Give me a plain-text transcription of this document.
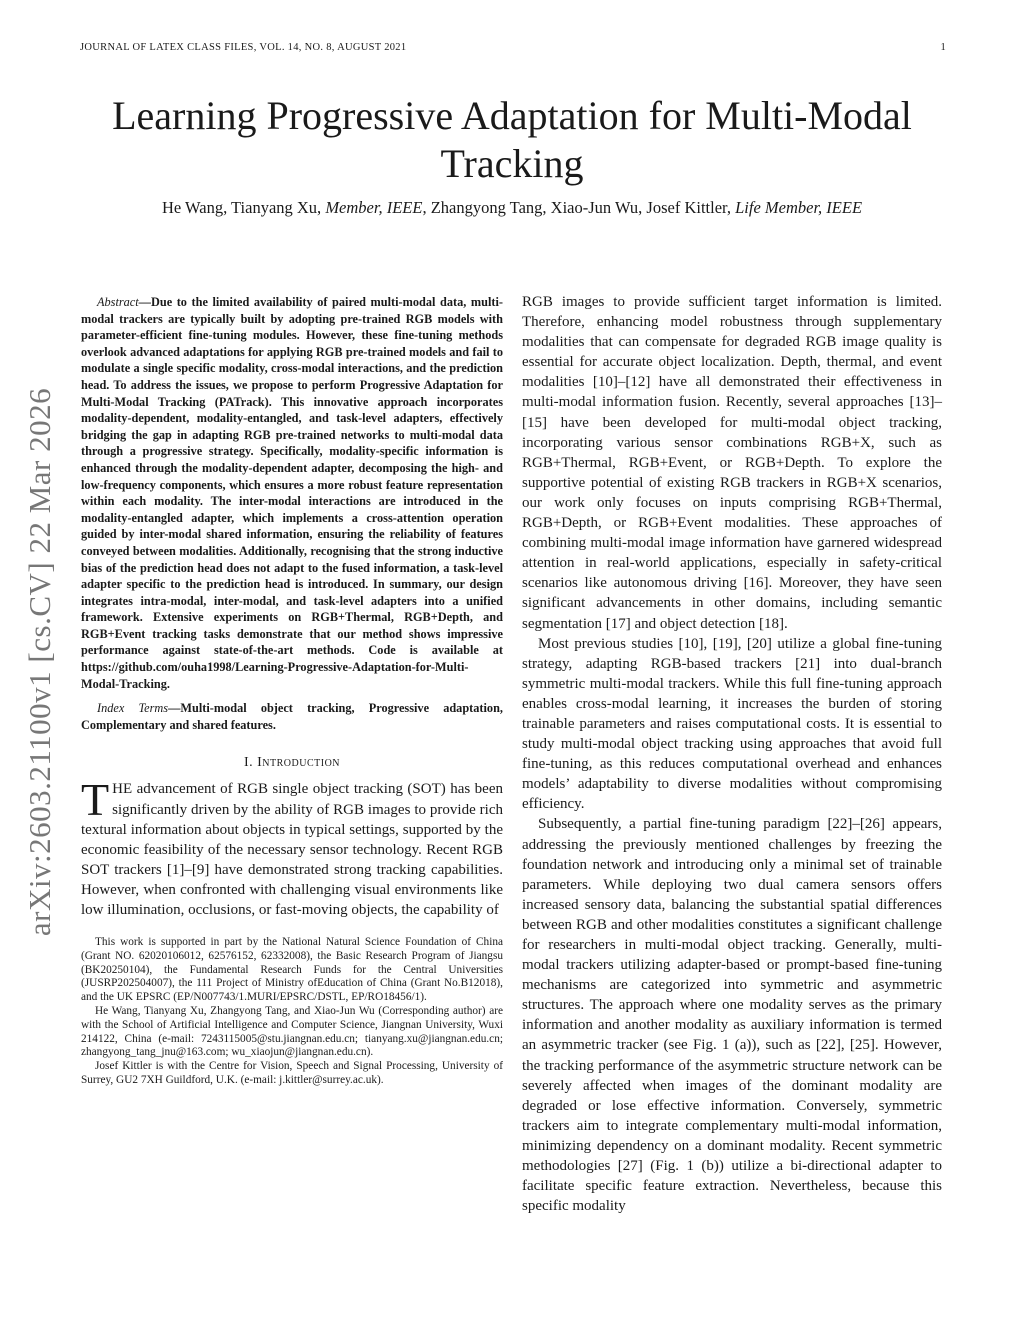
JOURNAL OF LATEX CLASS FILES, VOL. 14, NO. 8, AUGUST 2021	1
Learning Progressive Adaptation for Multi-Modal Tracking
He Wang, Tianyang Xu, Member, IEEE, Zhangyong Tang, Xiao-Jun Wu, Josef Kittler, Life Member, IEEE
arXiv:2603.21100v1 [cs.CV] 22 Mar 2026

Abstract—Due to the limited availability of paired multi-modal data, multi-modal trackers are typically built by adopting pre-trained RGB models with parameter-efficient fine-tuning modules. However, these fine-tuning methods overlook advanced adaptations for applying RGB pre-trained models and fail to modulate a single specific modality, cross-modal interactions, and the prediction head. To address the issues, we propose to perform Progressive Adaptation for Multi-Modal Tracking (PATrack). This innovative approach incorporates modality-dependent, modality-entangled, and task-level adapters, effectively bridging the gap in adapting RGB pre-trained networks to multi-modal data through a progressive strategy. Specifically, modality-specific information is enhanced through the modality-dependent adapter, decomposing the high- and low-frequency components, which ensures a more robust feature representation within each modality. The inter-modal interactions are introduced in the modality-entangled adapter, which implements a cross-attention operation guided by inter-modal shared information, ensuring the reliability of features conveyed between modalities. Additionally, recognising that the strong inductive bias of the prediction head does not adapt to the fused information, a task-level adapter specific to the prediction head is introduced. In summary, our design integrates intra-modal, inter-modal, and task-level adapters into a unified framework. Extensive experiments on RGB+Thermal, RGB+Depth, and RGB+Event tracking tasks demonstrate that our method shows impressive performance against state-of-the-art methods. Code is available at https://github.com/ouha1998/Learning-Progressive-Adaptation-for-Multi-Modal-Tracking.

Index Terms—Multi-modal object tracking, Progressive adaptation, Complementary and shared features.

I. Introduction

THE advancement of RGB single object tracking (SOT) has been significantly driven by the ability of RGB images to provide rich textural information about objects in typical settings, supported by the economic feasibility of the necessary sensor technology. Recent RGB SOT trackers [1]–[9] have demonstrated strong tracking capabilities. However, when confronted with challenging visual environments like low illumination, occlusions, or fast-moving objects, the capability of

This work is supported in part by the National Natural Science Foundation of China (Grant NO. 62020106012, 62576152, 62332008), the Basic Research Program of Jiangsu (BK20250104), the Fundamental Research Funds for the Central Universities (JUSRP202504007), the 111 Project of Ministry ofEducation of China (Grant No.B12018), and the UK EPSRC (EP/N007743/1.MURI/EPSRC/DSTL, EP/RO18456/1).

He Wang, Tianyang Xu, Zhangyong Tang, and Xiao-Jun Wu (Corresponding author) are with the School of Artificial Intelligence and Computer Science, Jiangnan University, Wuxi 214122, China (e-mail: 7243115005@stu.jiangnan.edu.cn; tianyang.xu@jiangnan.edu.cn; zhangyong_tang_jnu@163.com; wu_xiaojun@jiangnan.edu.cn).

Josef Kittler is with the Centre for Vision, Speech and Signal Processing, University of Surrey, GU2 7XH Guildford, U.K. (e-mail: j.kittler@surrey.ac.uk).

RGB images to provide sufficient target information is limited. Therefore, enhancing model robustness through supplementary modalities that can compensate for degraded RGB image quality is essential for accurate object localization. Depth, thermal, and event modalities [10]–[12] have all demonstrated their effectiveness in multi-modal information fusion. Recently, several approaches [13]–[15] have been developed for multi-modal object tracking, incorporating various sensor combinations RGB+X, such as RGB+Thermal, RGB+Event, or RGB+Depth. To explore the supportive potential of existing RGB trackers in RGB+X scenarios, our work only focuses on inputs comprising RGB+Thermal, RGB+Depth, or RGB+Event modalities. These approaches of combining multi-modal image information have garnered widespread attention in real-world applications, especially in safety-critical scenarios like autonomous driving [16]. Moreover, they have seen significant advancements in other domains, including semantic segmentation [17] and object detection [18].

Most previous studies [10], [19], [20] utilize a global fine-tuning strategy, adapting RGB-based trackers [21] into dual-branch symmetric multi-modal trackers. While this full fine-tuning approach enables cross-modal learning, it increases the burden of storing trainable parameters and raises computational costs. It is essential to study multi-modal object tracking using approaches that avoid full fine-tuning, as this reduces computational overhead and enhances models’ adaptability to diverse modalities without compromising efficiency.

Subsequently, a partial fine-tuning paradigm [22]–[26] appears, addressing the previously mentioned challenges by freezing the foundation network and introducing only a minimal set of trainable parameters. While deploying two dual camera sensors offers increased sensory data, balancing the substantial spatial differences between RGB and other modalities constitutes a significant challenge for researchers in multi-modal object tracking. Generally, multi-modal trackers utilizing adapter-based or prompt-based fine-tuning mechanisms are categorized into symmetric and asymmetric structures. The approach where one modality serves as the primary information and another modality as auxiliary information is termed an asymmetric tracker (see Fig. 1 (a)), such as [22], [25]. However, the tracking performance of the asymmetric structure network can be severely affected when images of the dominant modality are degraded or lose effective information. Conversely, symmetric trackers aim to integrate complementary multi-modal information, minimizing dependency on a dominant modality. Recent symmetric methodologies [27] (Fig. 1 (b)) utilize a bi-directional adapter to facilitate specific feature extraction. Nevertheless, because this specific modality
